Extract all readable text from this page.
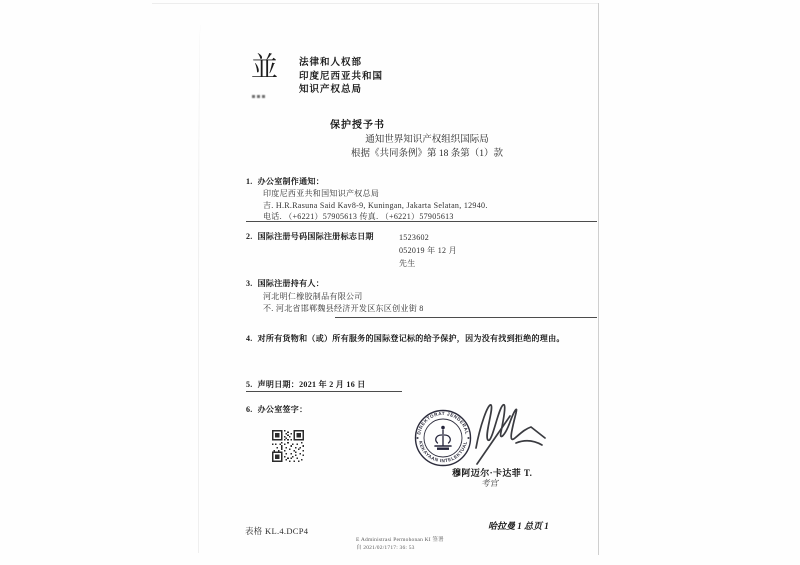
並 法律和人权部
印度尼西亚共和国
知识产权总局
保护授予书
通知世界知识产权组织国际局
根据《共同条例》第 18 条第（1）款
1. 办公室制作通知：
印度尼西亚共和国知识产权总局
吉. H.R.Rasuna Said Kav8-9, Kuningan, Jakarta Selatan, 12940.
电话. （+6221）57905613 传真. （+6221）57905613
2. 国际注册号码国际注册标志日期	1523602
052019 年 12 月
先生
3. 国际注册持有人：
河北明仁橡胶制品有限公司
不. 河北省邯郸魏县经济开发区东区创业街 8
4. 对所有货物和（或）所有服务的国际登记标的给予保护，因为没有找到拒绝的理由。
5. 声明日期：2021 年 2 月 16 日
6. 办公室签字：
DIREKTORAT JENDERAL
KEKAYAAN INTELEKTUAL
穆阿迈尔·卡达菲 T.
考官
表格 KL.4.DCP4	哈拉曼 1 总页 1
E Administrasi Permohonan KI 签署
自 2021/02/1717: 36: 53
